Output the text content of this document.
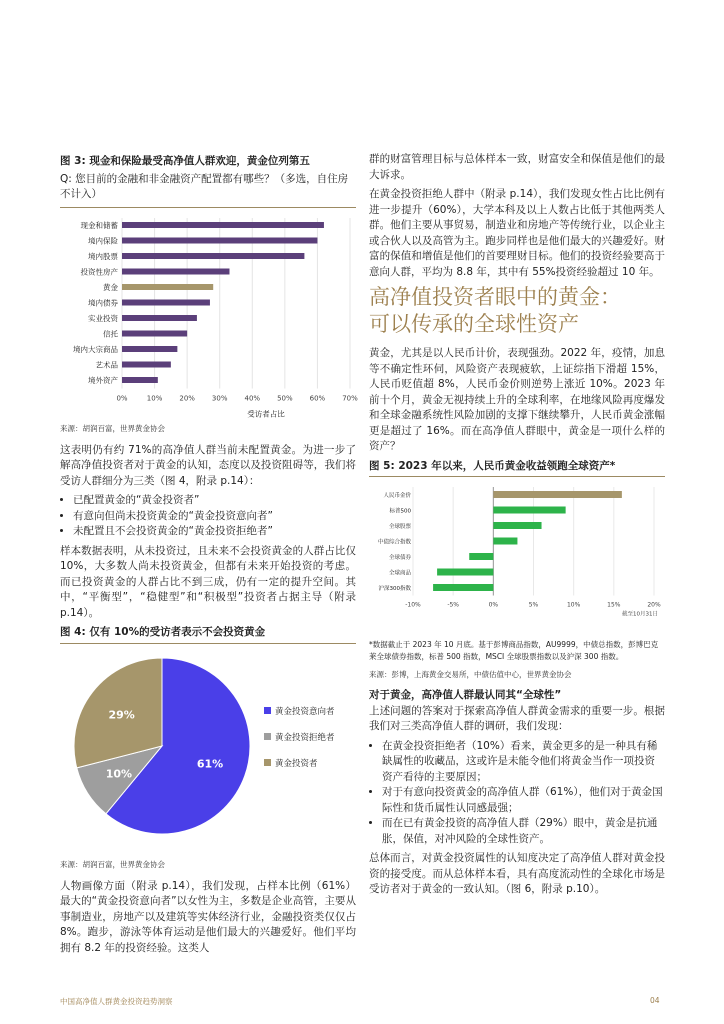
图 3: 现金和保险最受高净值人群欢迎，黄金位列第五

Q: 您目前的金融和非金融资产配置都有哪些？（多选，自住房不计入）

0%	10% 20% 30% 40% 50% 60% 70%
现金和储蓄
境内保险
境内股票
投资性房产
黄金
境内债券
实业投资
信托
境内大宗商品
艺术品
境外资产
受访者占比

来源：胡润百富，世界黄金协会

这表明仍有约 71%的高净值人群当前未配置黄金。为进一步了解高净值投资者对于黄金的认知，态度以及投资阻碍等，我们将受访人群细分为三类（图 4，附录 p.14）：

• 已配置黄金的“黄金投资者”
• 有意向但尚未投资黄金的“黄金投资意向者”
• 未配置且不会投资黄金的“黄金投资拒绝者”

样本数据表明，从未投资过，且未来不会投资黄金的人群占比仅 10%，大多数人尚未投资黄金，但都有未来开始投资的考虑。而已投资黄金的人群占比不到三成，仍有一定的提升空间。其中，“平衡型”，“稳健型”和“积极型”投资者占据主导（附录 p.14）。

图 4: 仅有 10%的受访者表示不会投资黄金

61%
10%
29%	黄金投资意向者
黄金投资拒绝者
黄金投资者

来源：胡润百富，世界黄金协会

人物画像方面（附录 p.14），我们发现，占样本比例（61%）最大的“黄金投资意向者”以女性为主，多数是企业高管，主要从事制造业，房地产以及建筑等实体经济行业，金融投资类仅仅占 8%。跑步，游泳等体育运动是他们最大的兴趣爱好。他们平均拥有 8.2 年的投资经验。这类人

群的财富管理目标与总体样本一致，财富安全和保值是他们的最大诉求。

在黄金投资拒绝人群中（附录 p.14），我们发现女性占比比例有进一步提升（60%），大学本科及以上人数占比低于其他两类人群。他们主要从事贸易，制造业和房地产等传统行业，以企业主或合伙人以及高管为主。跑步同样也是他们最大的兴趣爱好。财富的保值和增值是他们的首要理财目标。他们的投资经验要高于意向人群，平均为 8.8 年，其中有 55%投资经验超过 10 年。

高净值投资者眼中的黄金：
可以传承的全球性资产

黄金，尤其是以人民币计价，表现强劲。2022 年，疫情，加息等不确定性环伺，风险资产表现疲软，上证综指下滑超 15%，人民币贬值超 8%，人民币金价则逆势上涨近 10%。2023 年前十个月，黄金无视持续上升的全球利率，在地缘风险再度爆发和全球金融系统性风险加剧的支撑下继续攀升，人民币黄金涨幅更是超过了 16%。而在高净值人群眼中，黄金是一项什么样的资产？

图 5: 2023 年以来，人民币黄金收益领跑全球资产*

-10%	-5%	0%	5%	10%	15%	20%
人民币金价
标普500
全球股票
中债综合指数
全球债券
全球商品
沪深300指数
截至10月31日

*数据截止于 2023 年 10 月底。基于彭博商品指数，AU9999，中债总指数，彭博巴克莱全球债券指数，标普 500 指数，MSCI 全球股票指数以及沪深 300 指数。

来源：彭博，上海黄金交易所，中债估值中心，世界黄金协会

对于黄金，高净值人群最认同其“全球性”

上述问题的答案对于探索高净值人群黄金需求的重要一步。根据我们对三类高净值人群的调研，我们发现：

• 在黄金投资拒绝者（10%）看来，黄金更多的是一种具有稀缺属性的收藏品，这或许是未能令他们将黄金当作一项投资资产看待的主要原因；
• 对于有意向投资黄金的高净值人群（61%），他们对于黄金国际性和货币属性认同感最强；
• 而在已有黄金投资的高净值人群（29%）眼中，黄金是抗通胀，保值，对冲风险的全球性资产。

总体而言，对黄金投资属性的认知度决定了高净值人群对黄金投资的接受度。而从总体样本看，具有高度流动性的全球化市场是受访者对于黄金的一致认知。（图 6，附录 p.10）。

中国高净值人群黄金投资趋势洞察	04
